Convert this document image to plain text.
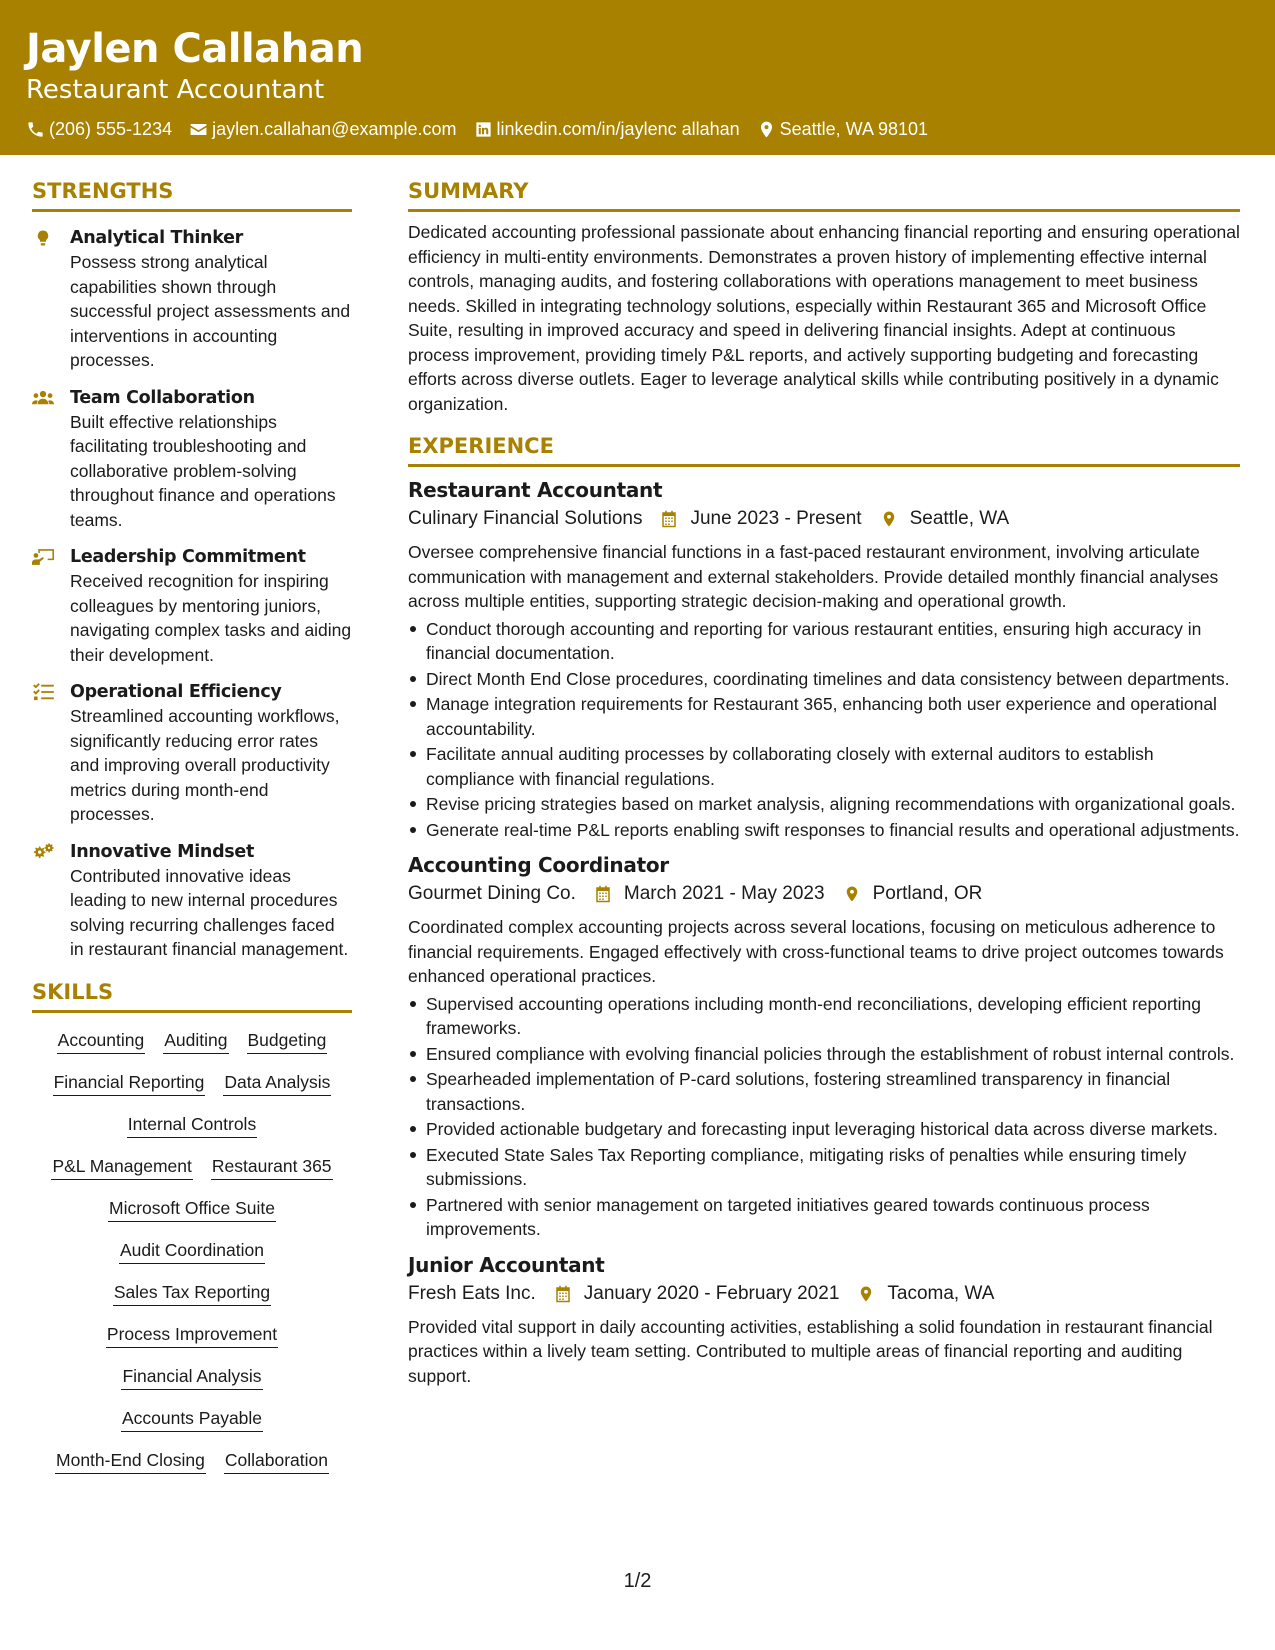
Jaylen Callahan
Restaurant Accountant
(206) 555-1234 jaylen.callahan@example.com linkedin.com/in/jaylenc allahan Seattle, WA 98101
STRENGTHS
Analytical Thinker
Possess strong analytical capabilities shown through successful project assessments and interventions in accounting processes.
Team Collaboration
Built effective relationships facilitating troubleshooting and collaborative problem-solving throughout finance and operations teams.
Leadership Commitment
Received recognition for inspiring colleagues by mentoring juniors, navigating complex tasks and aiding their development.
Operational Efficiency
Streamlined accounting workflows, significantly reducing error rates and improving overall productivity metrics during month-end processes.
Innovative Mindset
Contributed innovative ideas leading to new internal procedures solving recurring challenges faced in restaurant financial management.
SKILLS
Accounting Auditing Budgeting
Financial Reporting Data Analysis
Internal Controls
P&L Management Restaurant 365
Microsoft Office Suite
Audit Coordination
Sales Tax Reporting
Process Improvement
Financial Analysis
Accounts Payable
Month-End Closing Collaboration
SUMMARY
Dedicated accounting professional passionate about enhancing financial reporting and ensuring operational efficiency in multi-entity environments. Demonstrates a proven history of implementing effective internal controls, managing audits, and fostering collaborations with operations management to meet business needs. Skilled in integrating technology solutions, especially within Restaurant 365 and Microsoft Office Suite, resulting in improved accuracy and speed in delivering financial insights. Adept at continuous process improvement, providing timely P&L reports, and actively supporting budgeting and forecasting efforts across diverse outlets. Eager to leverage analytical skills while contributing positively in a dynamic organization.
EXPERIENCE
Restaurant Accountant
Culinary Financial Solutions	June 2023 - Present	Seattle, WA
Oversee comprehensive financial functions in a fast-paced restaurant environment, involving articulate communication with management and external stakeholders. Provide detailed monthly financial analyses across multiple entities, supporting strategic decision-making and operational growth.
Conduct thorough accounting and reporting for various restaurant entities, ensuring high accuracy in financial documentation.
Direct Month End Close procedures, coordinating timelines and data consistency between departments.
Manage integration requirements for Restaurant 365, enhancing both user experience and operational accountability.
Facilitate annual auditing processes by collaborating closely with external auditors to establish compliance with financial regulations.
Revise pricing strategies based on market analysis, aligning recommendations with organizational goals.
Generate real-time P&L reports enabling swift responses to financial results and operational adjustments.
Accounting Coordinator
Gourmet Dining Co.	March 2021 - May 2023	Portland, OR
Coordinated complex accounting projects across several locations, focusing on meticulous adherence to financial requirements. Engaged effectively with cross-functional teams to drive project outcomes towards enhanced operational practices.
Supervised accounting operations including month-end reconciliations, developing efficient reporting frameworks.
Ensured compliance with evolving financial policies through the establishment of robust internal controls.
Spearheaded implementation of P-card solutions, fostering streamlined transparency in financial transactions.
Provided actionable budgetary and forecasting input leveraging historical data across diverse markets.
Executed State Sales Tax Reporting compliance, mitigating risks of penalties while ensuring timely submissions.
Partnered with senior management on targeted initiatives geared towards continuous process improvements.
Junior Accountant
Fresh Eats Inc.	January 2020 - February 2021	Tacoma, WA
Provided vital support in daily accounting activities, establishing a solid foundation in restaurant financial practices within a lively team setting. Contributed to multiple areas of financial reporting and auditing support.
1/2
